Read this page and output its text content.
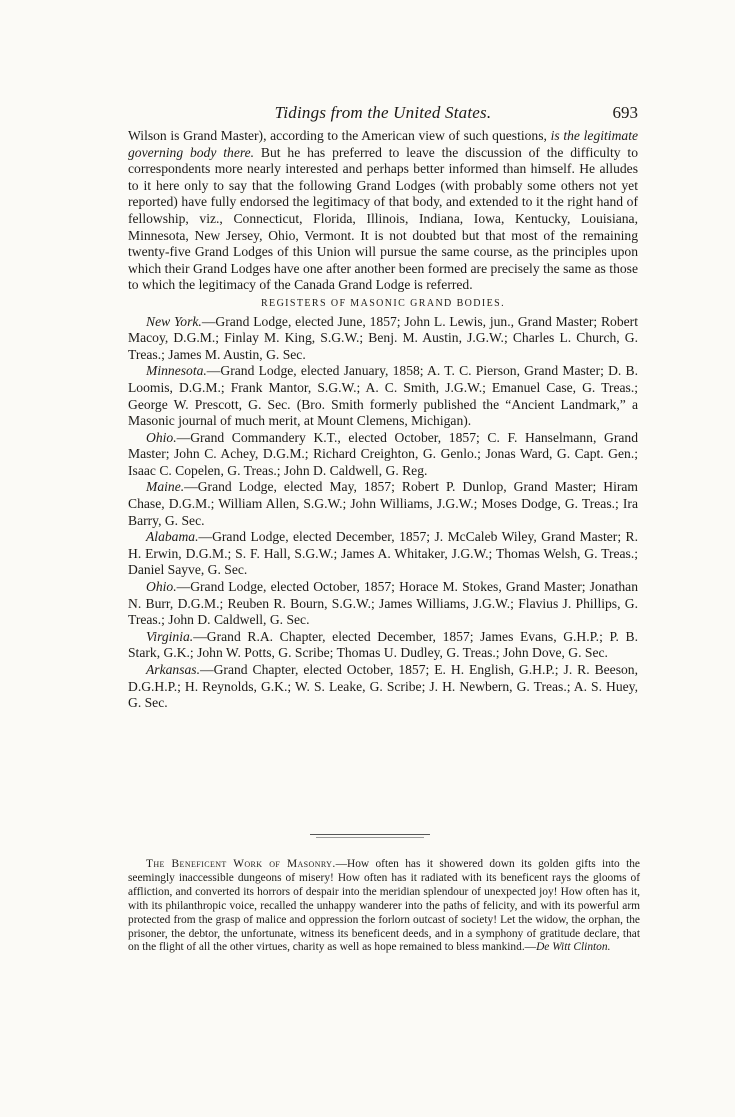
Tidings from the United States.	693

Wilson is Grand Master), according to the American view of such questions, is the legitimate governing body there. But he has preferred to leave the discussion of the difficulty to correspondents more nearly interested and perhaps better informed than himself. He alludes to it here only to say that the following Grand Lodges (with probably some others not yet reported) have fully endorsed the legitimacy of that body, and extended to it the right hand of fellowship, viz., Connecticut, Florida, Illinois, Indiana, Iowa, Kentucky, Louisiana, Minnesota, New Jersey, Ohio, Vermont. It is not doubted but that most of the remaining twenty-five Grand Lodges of this Union will pursue the same course, as the principles upon which their Grand Lodges have one after another been formed are precisely the same as those to which the legitimacy of the Canada Grand Lodge is referred.

REGISTERS OF MASONIC GRAND BODIES.

New York.—Grand Lodge, elected June, 1857; John L. Lewis, jun., Grand Master; Robert Macoy, D.G.M.; Finlay M. King, S.G.W.; Benj. M. Austin, J.G.W.; Charles L. Church, G. Treas.; James M. Austin, G. Sec.

Minnesota.—Grand Lodge, elected January, 1858; A. T. C. Pierson, Grand Master; D. B. Loomis, D.G.M.; Frank Mantor, S.G.W.; A. C. Smith, J.G.W.; Emanuel Case, G. Treas.; George W. Prescott, G. Sec. (Bro. Smith formerly published the “Ancient Landmark,” a Masonic journal of much merit, at Mount Clemens, Michigan).

Ohio.—Grand Commandery K.T., elected October, 1857; C. F. Hanselmann, Grand Master; John C. Achey, D.G.M.; Richard Creighton, G. Genlo.; Jonas Ward, G. Capt. Gen.; Isaac C. Copelen, G. Treas.; John D. Caldwell, G. Reg.

Maine.—Grand Lodge, elected May, 1857; Robert P. Dunlop, Grand Master; Hiram Chase, D.G.M.; William Allen, S.G.W.; John Williams, J.G.W.; Moses Dodge, G. Treas.; Ira Barry, G. Sec.

Alabama.—Grand Lodge, elected December, 1857; J. McCaleb Wiley, Grand Master; R. H. Erwin, D.G.M.; S. F. Hall, S.G.W.; James A. Whitaker, J.G.W.; Thomas Welsh, G. Treas.; Daniel Sayve, G. Sec.

Ohio.—Grand Lodge, elected October, 1857; Horace M. Stokes, Grand Master; Jonathan N. Burr, D.G.M.; Reuben R. Bourn, S.G.W.; James Williams, J.G.W.; Flavius J. Phillips, G. Treas.; John D. Caldwell, G. Sec.

Virginia.—Grand R.A. Chapter, elected December, 1857; James Evans, G.H.P.; P. B. Stark, G.K.; John W. Potts, G. Scribe; Thomas U. Dudley, G. Treas.; John Dove, G. Sec.

Arkansas.—Grand Chapter, elected October, 1857; E. H. English, G.H.P.; J. R. Beeson, D.G.H.P.; H. Reynolds, G.K.; W. S. Leake, G. Scribe; J. H. Newbern, G. Treas.; A. S. Huey, G. Sec.

The Beneficent Work of Masonry.—How often has it showered down its golden gifts into the seemingly inaccessible dungeons of misery! How often has it radiated with its beneficent rays the glooms of affliction, and converted its horrors of despair into the meridian splendour of unexpected joy! How often has it, with its philanthropic voice, recalled the unhappy wanderer into the paths of felicity, and with its powerful arm protected from the grasp of malice and oppression the forlorn outcast of society! Let the widow, the orphan, the prisoner, the debtor, the unfortunate, witness its beneficent deeds, and in a symphony of gratitude declare, that on the flight of all the other virtues, charity as well as hope remained to bless mankind.—De Witt Clinton.
